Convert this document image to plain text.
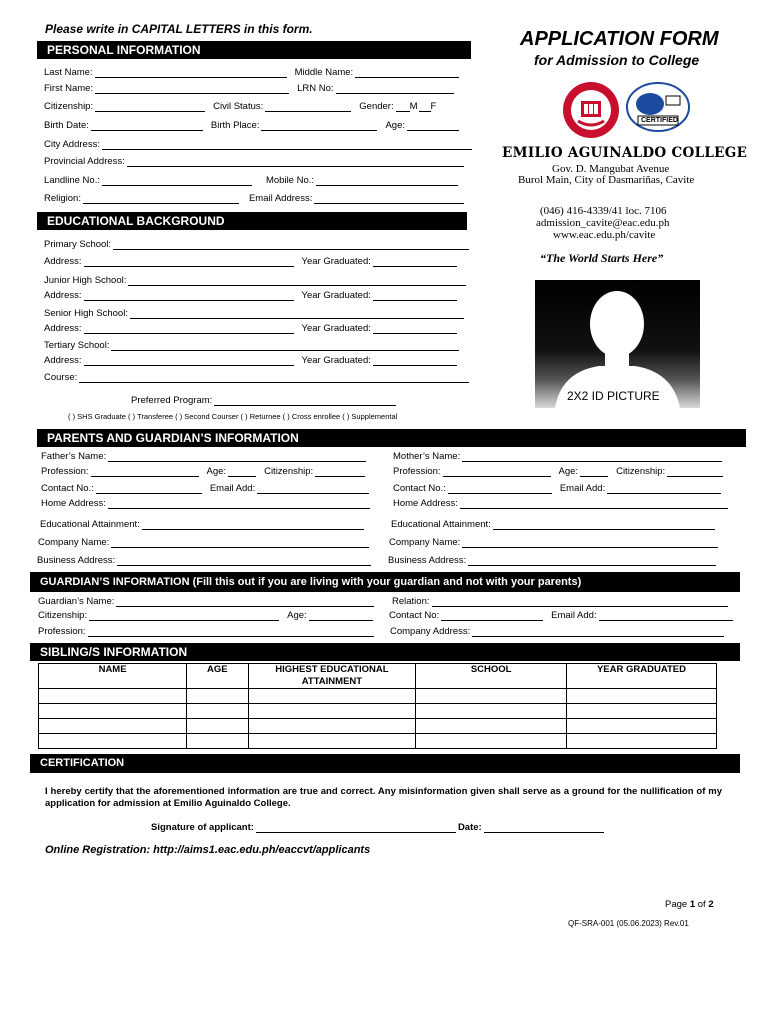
Please write in CAPITAL LETTERS in this form.	APPLICATION FORM
for Admission to College
CERTIFIED
EMILIO AGUINALDO COLLEGE
Gov. D. Mangubat Avenue
Burol Main, City of Dasmariñas, Cavite
(046) 416-4339/41 loc. 7106
admission_cavite@eac.edu.ph
www.eac.edu.ph/cavite
“The World Starts Here”
2X2 ID PICTURE
PERSONAL INFORMATION
Last Name:	Middle Name:
First Name:	LRN No:
Citizenship:	Civil Status:	Gender: M F
Birth Date:	Birth Place:	Age:
City Address:
Provincial Address:
Landline No.:	Mobile No.:
Religion:	Email Address:
EDUCATIONAL BACKGROUND
Primary School:
Address:	Year Graduated:
Junior High School:
Address:	Year Graduated:
Senior High School:
Address:	Year Graduated:
Tertiary School:
Address:	Year Graduated:
Course:
Preferred Program:
( ) SHS Graduate ( ) Transferee ( ) Second Courser ( ) Returnee ( ) Cross enrollee ( ) Supplemental
PARENTS AND GUARDIAN’S INFORMATION
Father’s Name:	Mother’s Name:
Profession:	Age:	Citizenship:	Profession:	Age:	Citizenship:
Contact No.:	Email Add:	Contact No.:	Email Add:
Home Address:	Home Address:
Educational Attainment:	Educational Attainment:
Company Name:	Company Name:
Business Address:	Business Address:
GUARDIAN’S INFORMATION (Fill this out if you are living with your guardian and not with your parents)
Guardian’s Name:	Relation:
Citizenship:	Age:	Contact No:	Email Add:
Profession:	Company Address:
SIBLING/S INFORMATION
NAME	AGE	HIGHEST EDUCATIONAL ATTAINMENT	SCHOOL	YEAR GRADUATED

CERTIFICATION
I hereby certify that the aforementioned information are true and correct. Any misinformation given shall serve as a ground for the nullification of my application for admission at Emilio Aguinaldo College.
Signature of applicant:	Date:
Online Registration: http://aims1.eac.edu.ph/eaccvt/applicants
Page 1 of 2
QF-SRA-001 (05.06.2023) Rev.01
